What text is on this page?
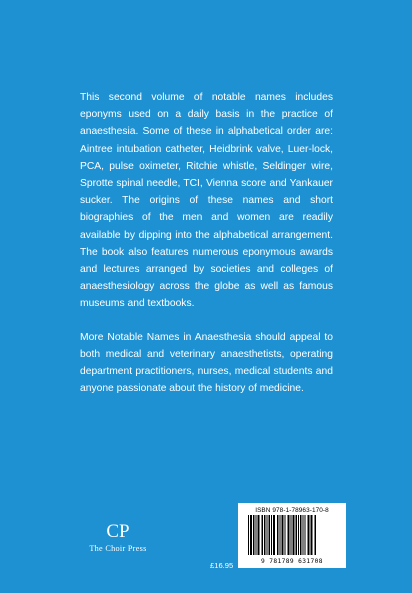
This second volume of notable names includes eponyms used on a daily basis in the practice of anaesthesia. Some of these in alphabetical order are: Aintree intubation catheter, Heidbrink valve, Luer-lock, PCA, pulse oximeter, Ritchie whistle, Seldinger wire, Sprotte spinal needle, TCI, Vienna score and Yankauer sucker. The origins of these names and short biographies of the men and women are readily available by dipping into the alphabetical arrangement. The book also features numerous eponymous awards and lectures arranged by societies and colleges of anaesthesiology across the globe as well as famous museums and textbooks.

More Notable Names in Anaesthesia should appeal to both medical and veterinary anaesthetists, operating department practitioners, nurses, medical students and anyone passionate about the history of medicine.

CP
The Choir Press
£16.95
ISBN 978-1-78963-170-8
9 781789 631708
